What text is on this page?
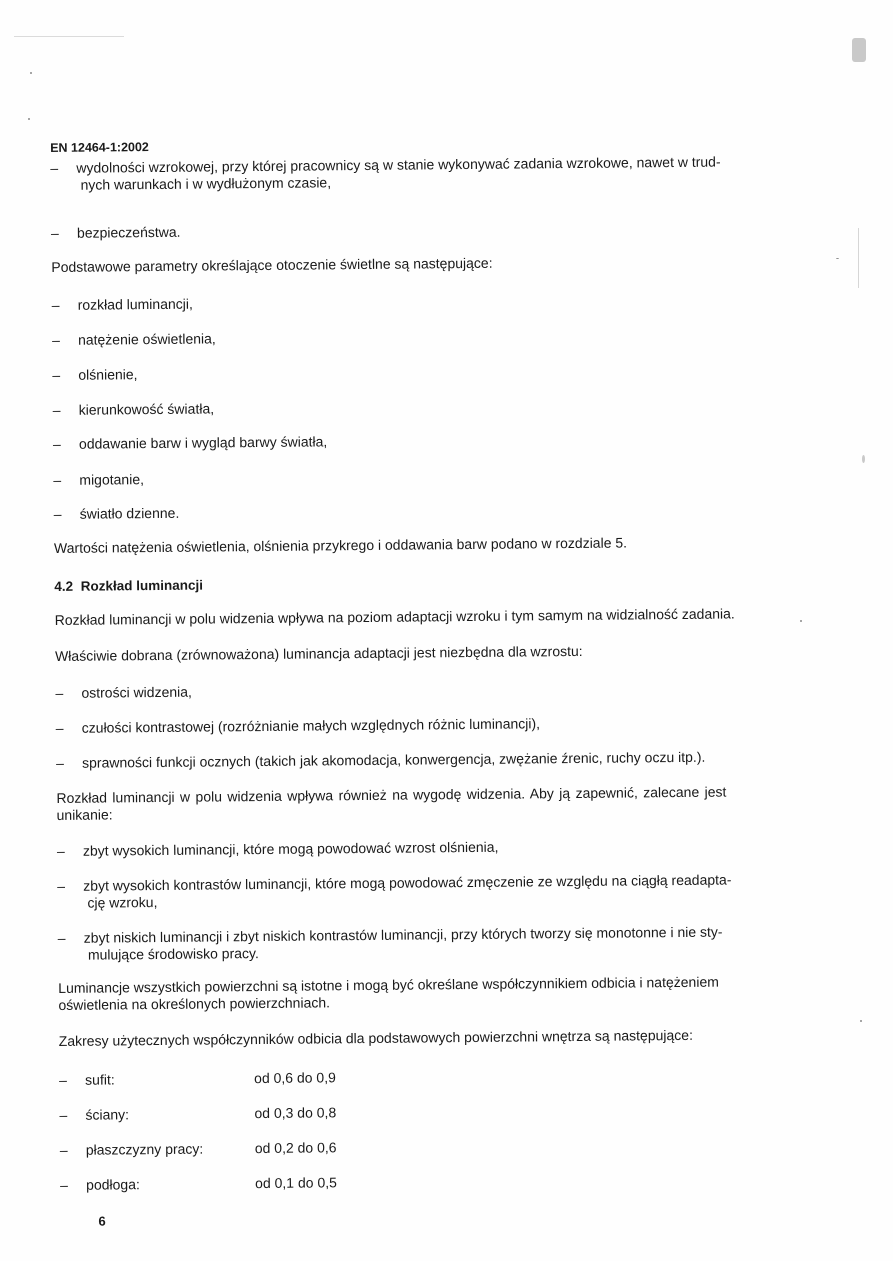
EN 12464-1:2002
– wydolności wzrokowej, przy której pracownicy są w stanie wykonywać zadania wzrokowe, nawet w trud-
nych warunkach i w wydłużonym czasie,
– bezpieczeństwa.
Podstawowe parametry określające otoczenie świetlne są następujące:
– rozkład luminancji,
– natężenie oświetlenia,
– olśnienie,
– kierunkowość światła,
– oddawanie barw i wygląd barwy światła,
– migotanie,
– światło dzienne.
Wartości natężenia oświetlenia, olśnienia przykrego i oddawania barw podano w rozdziale 5.
4.2 Rozkład luminancji
Rozkład luminancji w polu widzenia wpływa na poziom adaptacji wzroku i tym samym na widzialność zadania.
Właściwie dobrana (zrównoważona) luminancja adaptacji jest niezbędna dla wzrostu:
– ostrości widzenia,
– czułości kontrastowej (rozróżnianie małych względnych różnic luminancji),
– sprawności funkcji ocznych (takich jak akomodacja, konwergencja, zwężanie źrenic, ruchy oczu itp.).
Rozkład luminancji w polu widzenia wpływa również na wygodę widzenia. Aby ją zapewnić, zalecane jest
unikanie:
– zbyt wysokich luminancji, które mogą powodować wzrost olśnienia,
– zbyt wysokich kontrastów luminancji, które mogą powodować zmęczenie ze względu na ciągłą readapta-
cję wzroku,
– zbyt niskich luminancji i zbyt niskich kontrastów luminancji, przy których tworzy się monotonne i nie sty-
mulujące środowisko pracy.
Luminancje wszystkich powierzchni są istotne i mogą być określane współczynnikiem odbicia i natężeniem
oświetlenia na określonych powierzchniach.
Zakresy użytecznych współczynników odbicia dla podstawowych powierzchni wnętrza są następujące:
– sufit:	od 0,6 do 0,9
– ściany:	od 0,3 do 0,8
– płaszczyzny pracy:	od 0,2 do 0,6
– podłoga:	od 0,1 do 0,5
6
